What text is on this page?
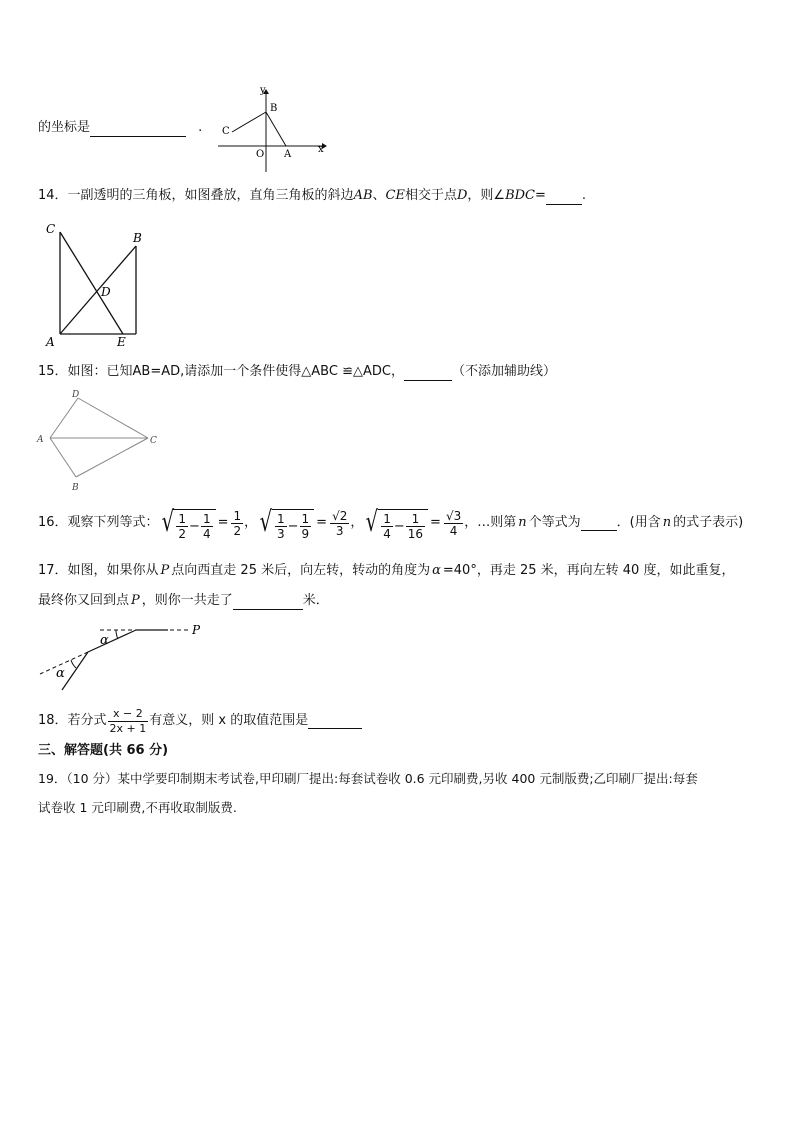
的坐标是	.
y
x
B
C
O A
14．一副透明的三角板，如图叠放，直角三角板的斜边AB、CE相交于点D，则∠BDC=	.
C
B
D
A	E
15．如图：已知AB=AD,请添加一个条件使得△ABC ≌△ADC，	（不添加辅助线）
D
A	C
B
16．观察下列等式： √ $\frac{1}{2} - \frac{1}{4} = \frac{1}{2}$ ， √ $\frac{1}{3} - \frac{1}{9} = \frac{√2}{3}$ ， √ $\frac{1}{4} - \frac{1}{16} = \frac{√3}{4}$ ， …则第 n 个等式为	．(用含 n 的式子表示)
17．如图，如果你从 P 点向西直走 25 米后，向左转，转动的角度为 α =40°，再走 25 米，再向左转 40 度，如此重复，
最终你又回到点 P ，则你一共走了	米．
P
α
α
18．若分式 $\frac{x - 2}{2x + 1}$ 有意义，则 x 的取值范围是
三、解答题(共 66 分)
19．（10 分）某中学要印制期末考试卷,甲印刷厂提出:每套试卷收 0.6 元印刷费,另收 400 元制版费;乙印刷厂提出:每套
试卷收 1 元印刷费,不再收取制版费.
